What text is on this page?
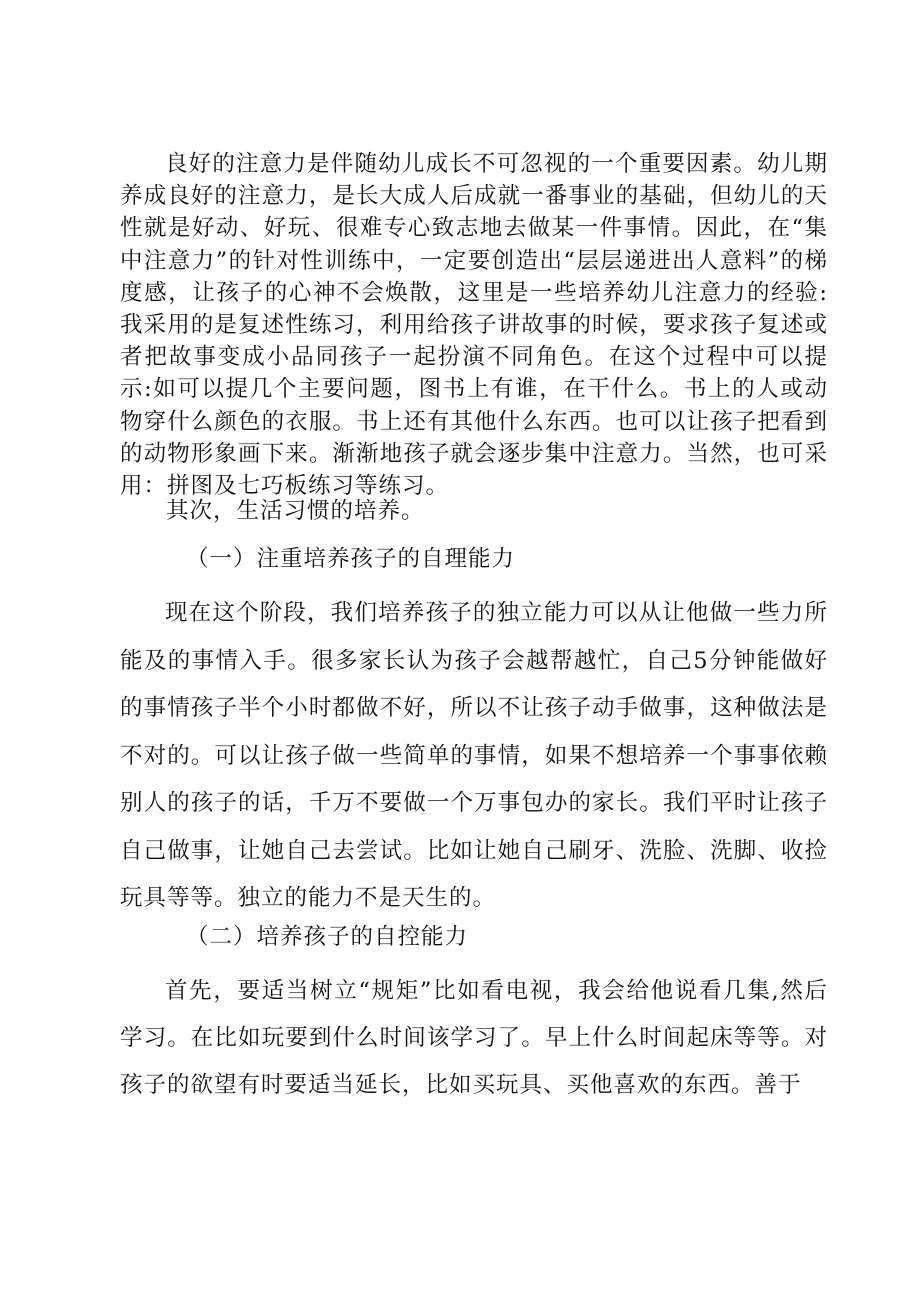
良好的注意力是伴随幼儿成长不可忽视的一个重要因素。幼儿期养成良好的注意力，是长大成人后成就一番事业的基础，但幼儿的天性就是好动、好玩、很难专心致志地去做某一件事情。因此，在“集中注意力”的针对性训练中，一定要创造出“层层递进出人意料”的梯度感，让孩子的心神不会焕散，这里是一些培养幼儿注意力的经验:我采用的是复述性练习，利用给孩子讲故事的时候，要求孩子复述或者把故事变成小品同孩子一起扮演不同角色。在这个过程中可以提示:如可以提几个主要问题，图书上有谁，在干什么。书上的人或动物穿什么颜色的衣服。书上还有其他什么东西。也可以让孩子把看到的动物形象画下来。渐渐地孩子就会逐步集中注意力。当然，也可采用：拼图及七巧板练习等练习。

其次，生活习惯的培养。

（一）注重培养孩子的自理能力

现在这个阶段，我们培养孩子的独立能力可以从让他做一些力所能及的事情入手。很多家长认为孩子会越帮越忙，自己5分钟能做好的事情孩子半个小时都做不好，所以不让孩子动手做事，这种做法是不对的。可以让孩子做一些简单的事情，如果不想培养一个事事依赖别人的孩子的话，千万不要做一个万事包办的家长。我们平时让孩子自己做事，让她自己去尝试。比如让她自己刷牙、洗脸、洗脚、收捡玩具等等。独立的能力不是天生的。

（二）培养孩子的自控能力

首先，要适当树立“规矩”比如看电视，我会给他说看几集,然后学习。在比如玩要到什么时间该学习了。早上什么时间起床等等。对孩子的欲望有时要适当延长，比如买玩具、买他喜欢的东西。善于
